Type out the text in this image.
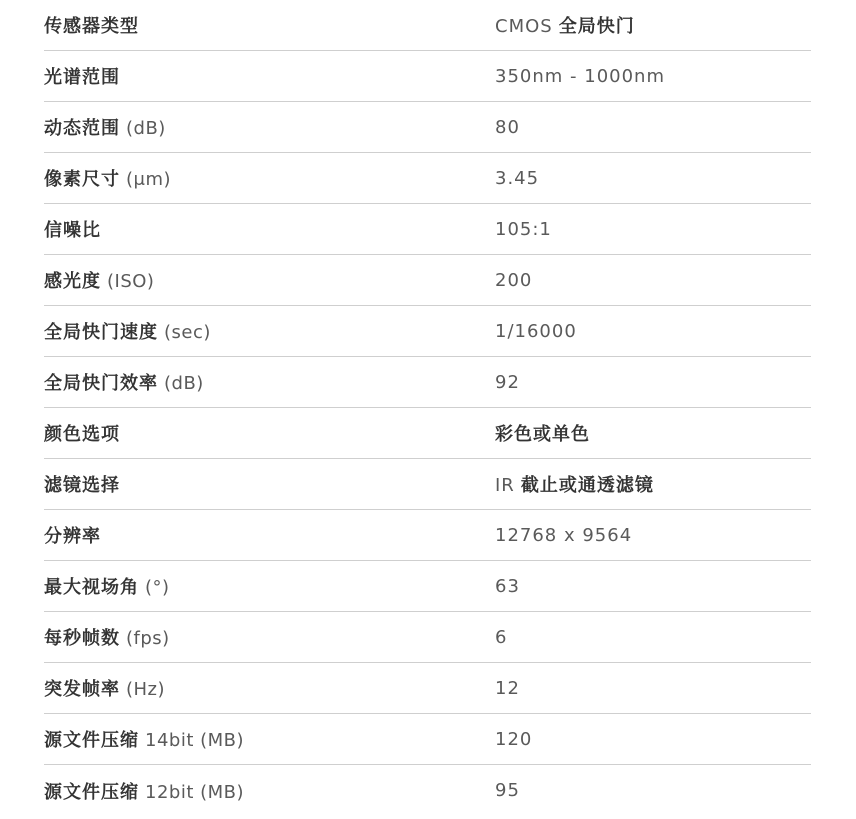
传感器类型	CMOS 全局快门
光谱范围	350nm - 1000nm
动态范围 (dB)	80
像素尺寸 (μm)	3.45
信噪比	105:1
感光度 (ISO)	200
全局快门速度 (sec)	1/16000
全局快门效率 (dB)	92
颜色选项	彩色或单色
滤镜选择	IR 截止或通透滤镜
分辨率	12768 x 9564
最大视场角 (°)	63
每秒帧数 (fps)	6
突发帧率 (Hz)	12
源文件压缩 14bit (MB)	120
源文件压缩 12bit (MB)	95
